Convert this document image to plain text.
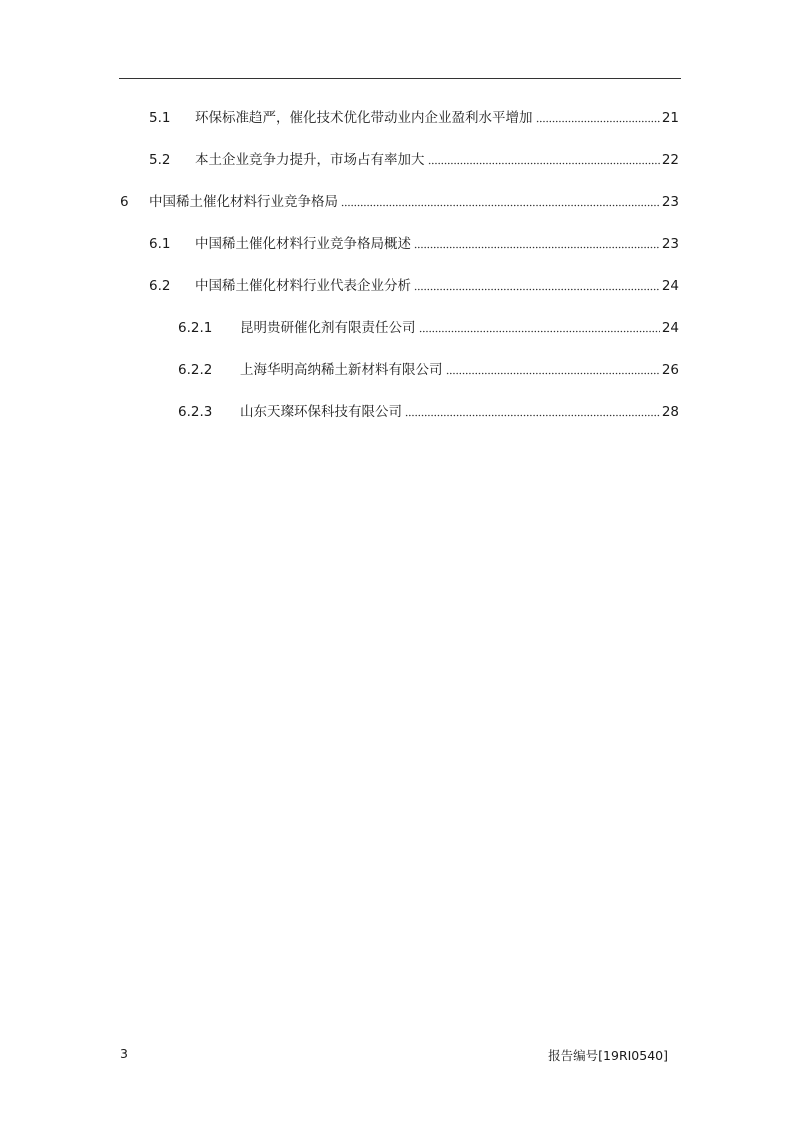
5.1	环保标准趋严，催化技术优化带动业内企业盈利水平增加	21
5.2	本土企业竞争力提升，市场占有率加大	22
6	中国稀土催化材料行业竞争格局	23
6.1	中国稀土催化材料行业竞争格局概述	23
6.2	中国稀土催化材料行业代表企业分析	24
6.2.1	昆明贵研催化剂有限责任公司	24
6.2.2	上海华明高纳稀土新材料有限公司	26
6.2.3	山东天璨环保科技有限公司	28
3	报告编号[19RI0540]
